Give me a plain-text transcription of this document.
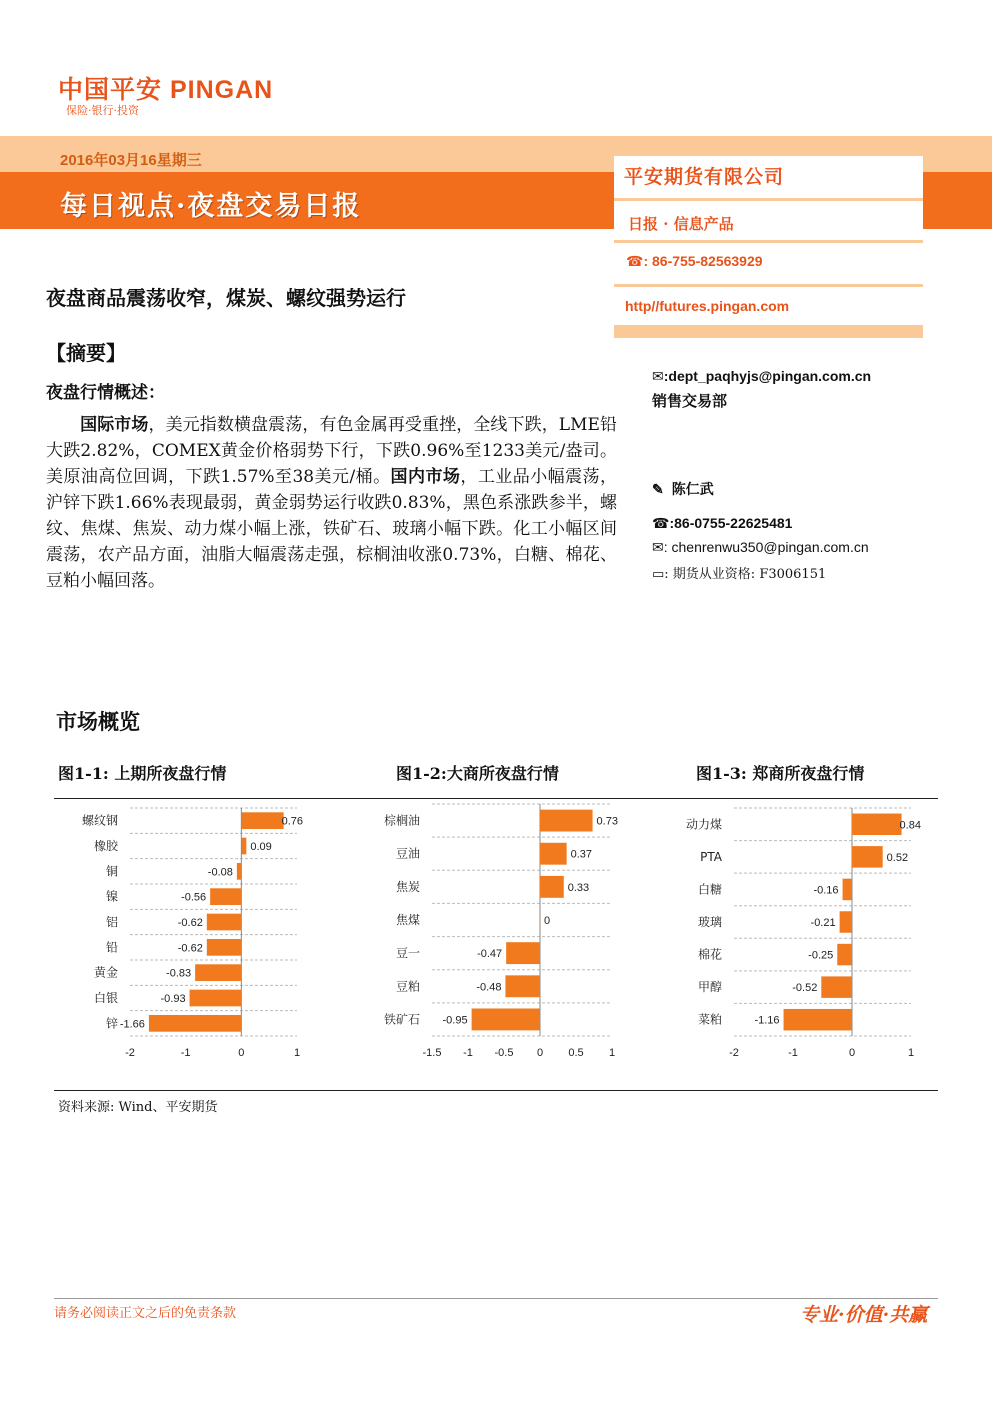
中国平安 PINGAN
保险·银行·投资
2016年03月16星期三
每日视点·夜盘交易日报
平安期货有限公司
日报 · 信息产品
☎: 86-755-82563929
http//futures.pingan.com
夜盘商品震荡收窄，煤炭、螺纹强势运行
【摘要】
夜盘行情概述：
国际市场，美元指数横盘震荡，有色金属再受重挫，全线下跌，LME铅大跌2.82%，COMEX黄金价格弱势下行，下跌0.96%至1233美元/盎司。美原油高位回调，下跌1.57%至38美元/桶。国内市场，工业品小幅震荡，沪锌下跌1.66%表现最弱，黄金弱势运行收跌0.83%，黑色系涨跌参半，螺纹、焦煤、焦炭、动力煤小幅上涨，铁矿石、玻璃小幅下跌。化工小幅区间震荡，农产品方面，油脂大幅震荡走强，棕榈油收涨0.73%，白糖、棉花、豆粕小幅回落。
✉:dept_paqhyjs@pingan.com.cn
销售交易部
✎ 陈仁武
☎:86-0755-22625481
✉: chenrenwu350@pingan.com.cn
▭: 期货从业资格: F3006151
市场概览
图1-1: 上期所夜盘行情	图1-2:大商所夜盘行情	图1-3: 郑商所夜盘行情
螺纹钢	0.76
橡胶	0.09
铜	-0.08
镍	-0.56
铝	-0.62
铅	-0.62
黄金	-0.83
白银	-0.93
锌 -1.66
-2	-1	0	1
棕榈油	0.73
豆油	0.37
焦炭	0.33
焦煤	0
豆一	-0.47
豆粕	-0.48
铁矿石 -0.95
-1.5 -1 -0.5 0 0.5 1
动力煤	0.84
PTA	0.52
白糖	-0.16
玻璃	-0.21
棉花	-0.25
甲醇	-0.52
菜粕	-1.16
-2	-1	0	1
资料来源: Wind、平安期货
请务必阅读正文之后的免责条款	专业·价值·共赢
